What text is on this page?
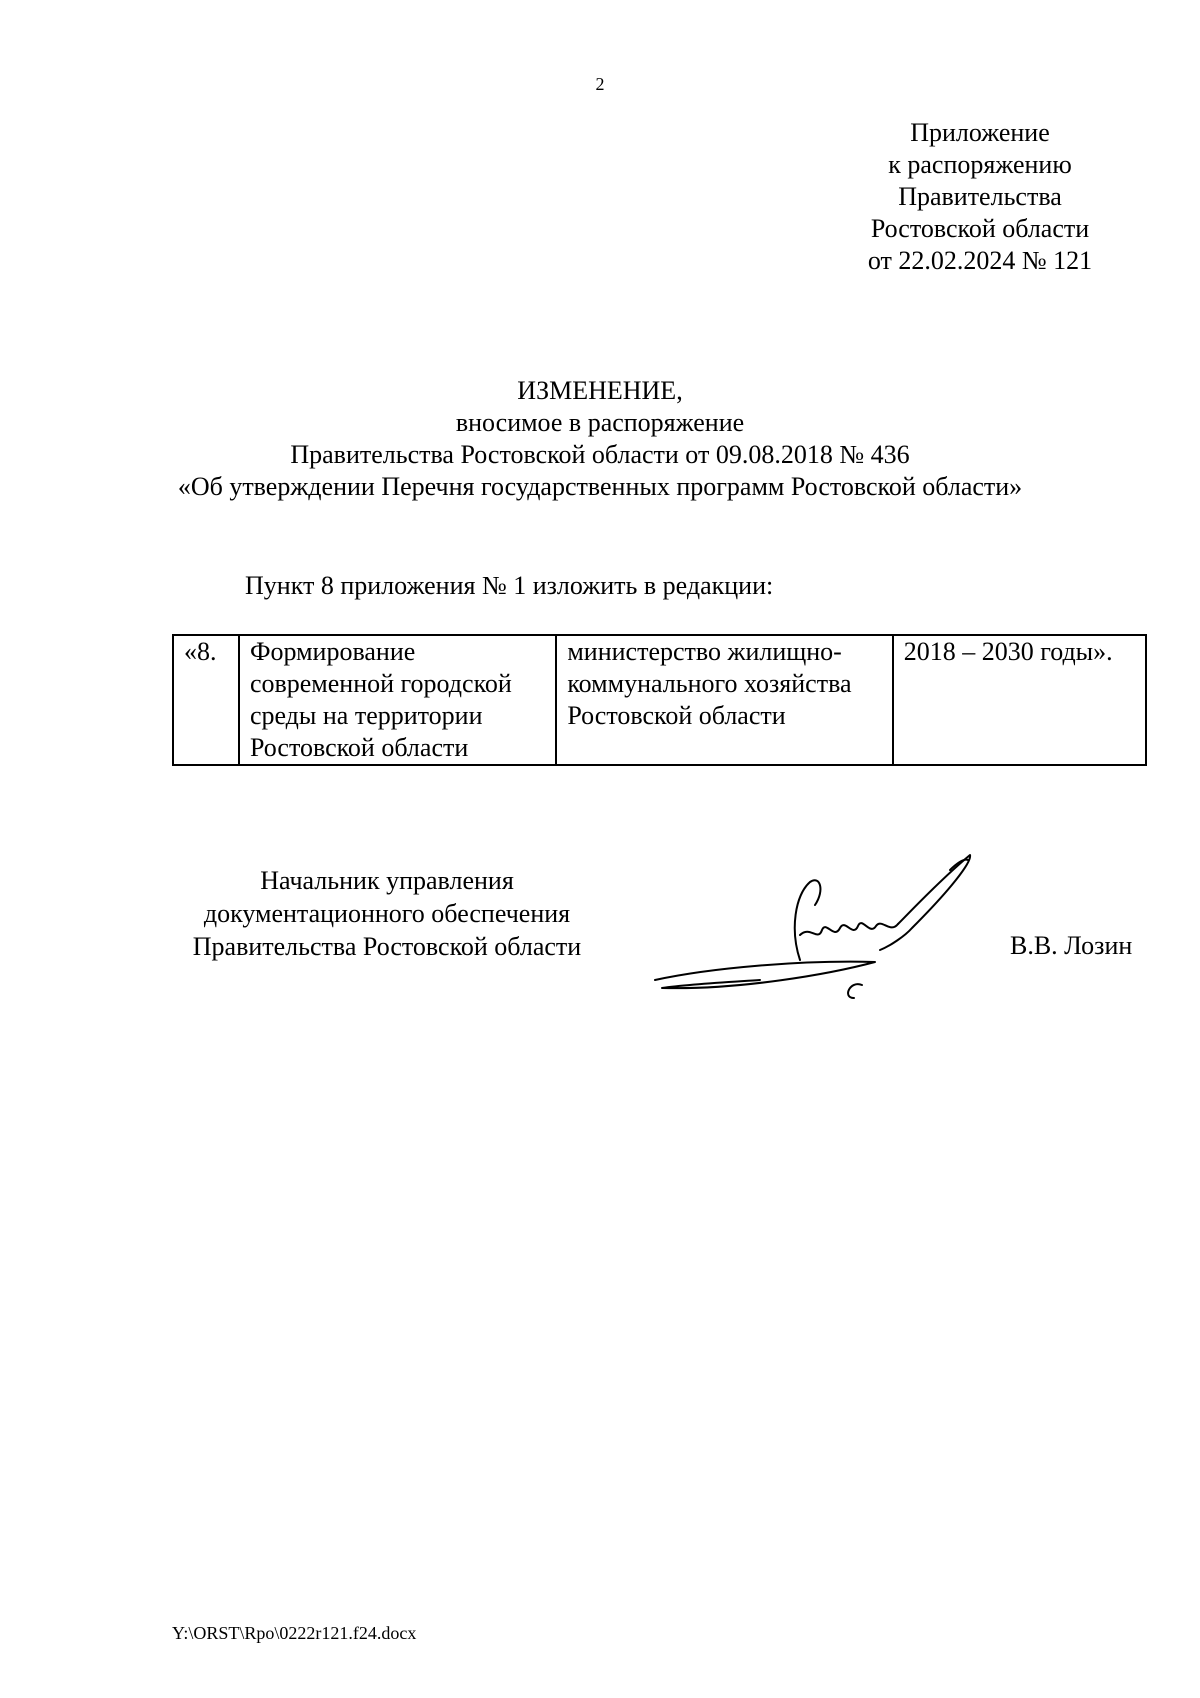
2
Приложение
к распоряжению
Правительства
Ростовской области
от 22.02.2024 № 121
ИЗМЕНЕНИЕ,
вносимое в распоряжение
Правительства Ростовской области от 09.08.2018 № 436
«Об утверждении Перечня государственных программ Ростовской области»
Пункт 8 приложения № 1 изложить в редакции:
«8.	Формирование современной городской среды на территории Ростовской области	министерство жилищно-коммунального хозяйства Ростовской области	2018 – 2030 годы».
Начальник управления
документационного обеспечения
Правительства Ростовской области	В.В. Лозин
Y:\ORST\Rpo\0222r121.f24.docx
